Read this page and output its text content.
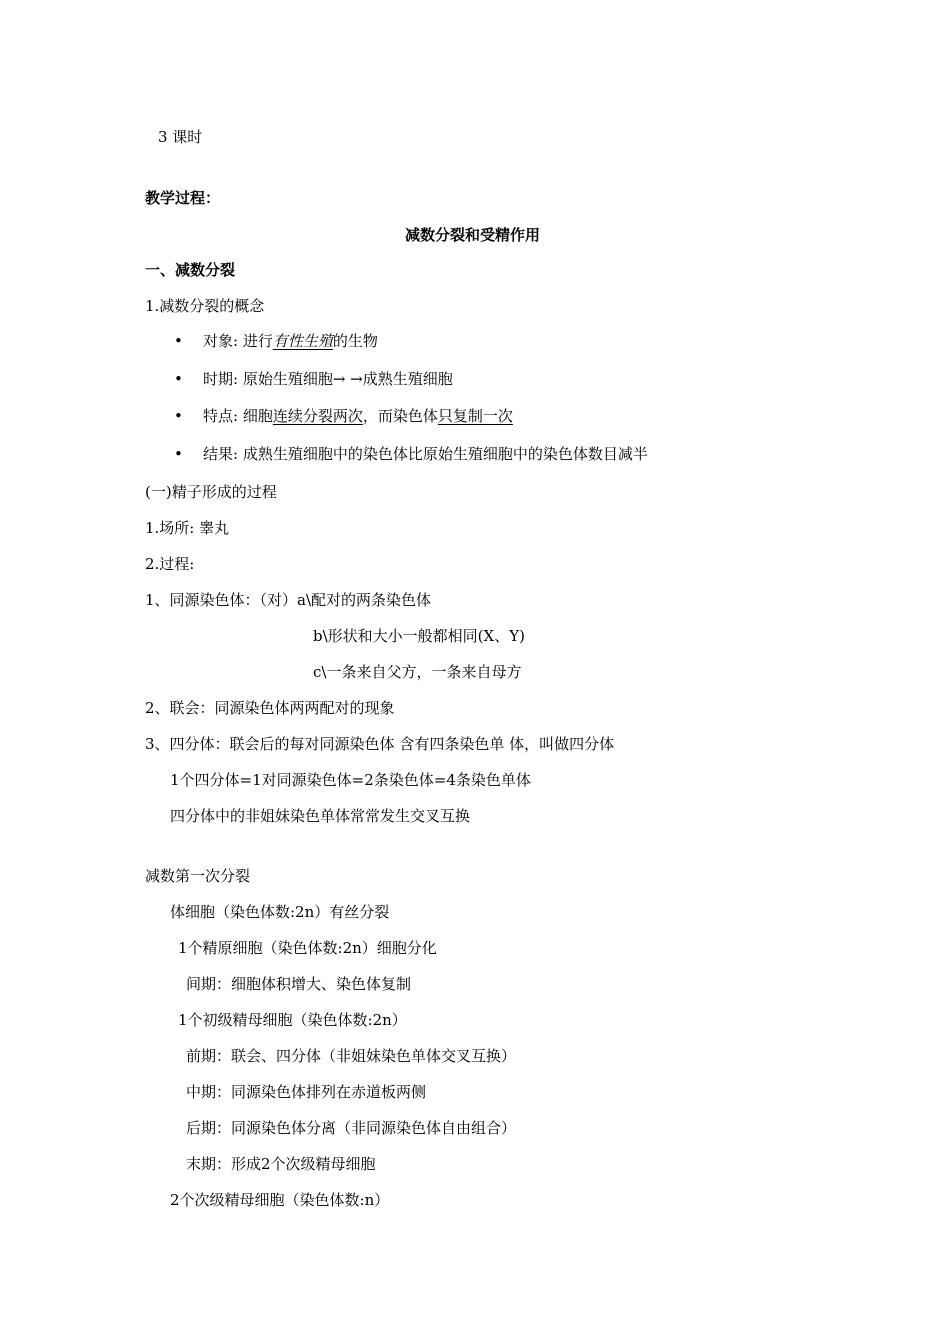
3 课时
教学过程：
减数分裂和受精作用
一、减数分裂
1.减数分裂的概念
• 对象: 进行有性生殖的生物
• 时期: 原始生殖细胞→ →成熟生殖细胞
• 特点: 细胞连续分裂两次，而染色体只复制一次
• 结果: 成熟生殖细胞中的染色体比原始生殖细胞中的染色体数目减半
(一)精子形成的过程
1.场所: 睾丸
2.过程:
1、同源染色体：（对）a\配对的两条染色体
b\形状和大小一般都相同(X、Y)
c\一条来自父方，一条来自母方
2、联会：同源染色体两两配对的现象
3、四分体：联会后的每对同源染色体 含有四条染色单 体，叫做四分体
1个四分体=1对同源染色体=2条染色体=4条染色单体
四分体中的非姐妹染色单体常常发生交叉互换
减数第一次分裂
体细胞（染色体数:2n）有丝分裂
1个精原细胞（染色体数:2n）细胞分化
间期：细胞体积增大、染色体复制
1个初级精母细胞（染色体数:2n）
前期：联会、四分体（非姐妹染色单体交叉互换）
中期：同源染色体排列在赤道板两侧
后期：同源染色体分离（非同源染色体自由组合）
末期：形成2个次级精母细胞
2个次级精母细胞（染色体数:n）
